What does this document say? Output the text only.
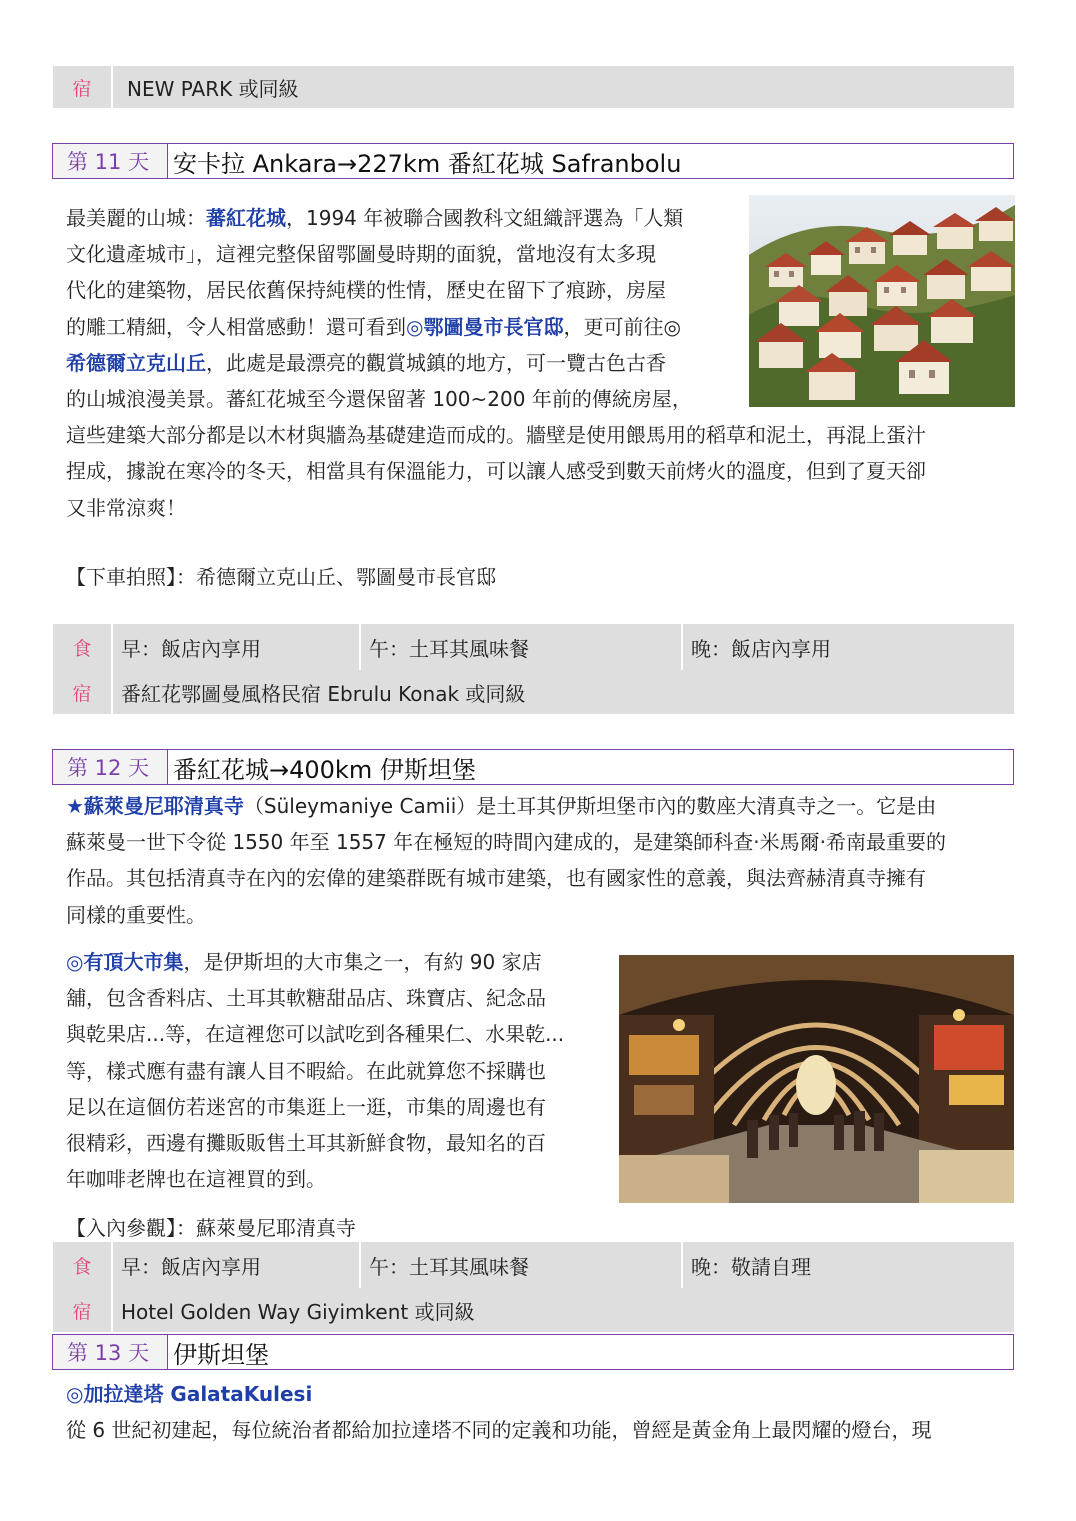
宿	NEW PARK 或同級
第 11 天 安卡拉 Ankara→227km 番紅花城 Safranbolu
最美麗的山城：蕃紅花城，1994 年被聯合國教科文組織評選為「人類
文化遺產城市」，這裡完整保留鄂圖曼時期的面貌，當地沒有太多現
代化的建築物，居民依舊保持純樸的性情，歷史在留下了痕跡，房屋
的雕工精細，令人相當感動！還可看到◎鄂圖曼市長官邸，更可前往◎
希德爾立克山丘，此處是最漂亮的觀賞城鎮的地方，可一覽古色古香
的山城浪漫美景。蕃紅花城至今還保留著 100~200 年前的傳統房屋，
這些建築大部分都是以木材與牆為基礎建造而成的。牆壁是使用餵馬用的稻草和泥土，再混上蛋汁
捏成，據說在寒冷的冬天，相當具有保溫能力，可以讓人感受到數天前烤火的溫度，但到了夏天卻
又非常涼爽！
【下車拍照】：希德爾立克山丘、鄂圖曼市長官邸
食	早：飯店內享用	午：土耳其風味餐	晚：飯店內享用
宿	番紅花鄂圖曼風格民宿 Ebrulu Konak 或同級
第 12 天 番紅花城→400km 伊斯坦堡
★蘇萊曼尼耶清真寺（Süleymaniye Camii）是土耳其伊斯坦堡市內的數座大清真寺之一。它是由
蘇萊曼一世下令從 1550 年至 1557 年在極短的時間內建成的，是建築師科查·米馬爾·希南最重要的
作品。其包括清真寺在內的宏偉的建築群既有城市建築，也有國家性的意義，與法齊赫清真寺擁有
同樣的重要性。
◎有頂大市集，是伊斯坦的大市集之一，有約 90 家店
舖，包含香料店、土耳其軟糖甜品店、珠寶店、紀念品
與乾果店...等，在這裡您可以試吃到各種果仁、水果乾...
等，樣式應有盡有讓人目不暇給。在此就算您不採購也
足以在這個仿若迷宮的市集逛上一逛，市集的周邊也有
很精彩，西邊有攤販販售土耳其新鮮食物，最知名的百
年咖啡老牌也在這裡買的到。
【入內參觀】：蘇萊曼尼耶清真寺
食	早：飯店內享用	午：土耳其風味餐	晚：敬請自理
宿	Hotel Golden Way Giyimkent 或同級
第 13 天 伊斯坦堡
◎加拉達塔 GalataKulesi
從 6 世紀初建起，每位統治者都給加拉達塔不同的定義和功能，曾經是黃金角上最閃耀的燈台，現
